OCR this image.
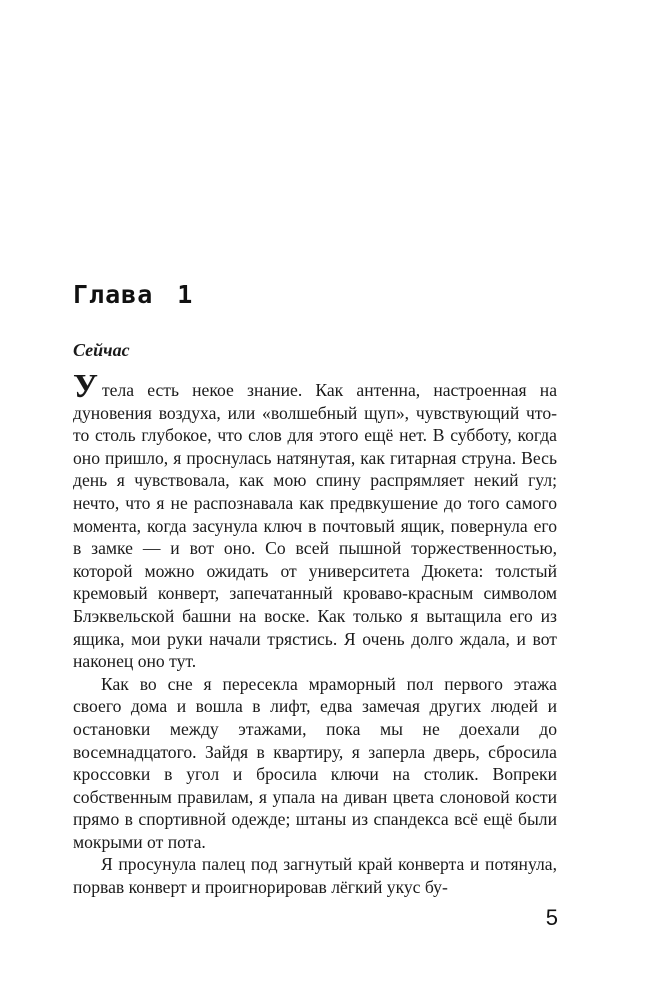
Глава 1
Сейчас

Утела есть некое знание. Как антенна, настроенная на дуновения воздуха, или «волшебный щуп», чувствующий что-то столь глубокое, что слов для этого ещё нет. В субботу, когда оно пришло, я проснулась натянутая, как гитарная струна. Весь день я чувствовала, как мою спину распрямляет некий гул; нечто, что я не распознавала как предвкушение до того самого момента, когда засунула ключ в почтовый ящик, повернула его в замке — и вот оно. Со всей пышной торжественностью, которой можно ожидать от университета Дюкета: толстый кремовый конверт, запечатанный кроваво-красным символом Блэквельской башни на воске. Как только я вытащила его из ящика, мои руки начали трястись. Я очень долго ждала, и вот наконец оно тут.

Как во сне я пересекла мраморный пол первого этажа своего дома и вошла в лифт, едва замечая других людей и остановки между этажами, пока мы не доехали до восемнадцатого. Зайдя в квартиру, я заперла дверь, сбросила кроссовки в угол и бросила ключи на столик. Вопреки собственным правилам, я упала на диван цвета слоновой кости прямо в спортивной одежде; штаны из спандекса всё ещё были мокрыми от пота.

Я просунула палец под загнутый край конверта и потянула, порвав конверт и проигнорировав лёгкий укус бу-

5
